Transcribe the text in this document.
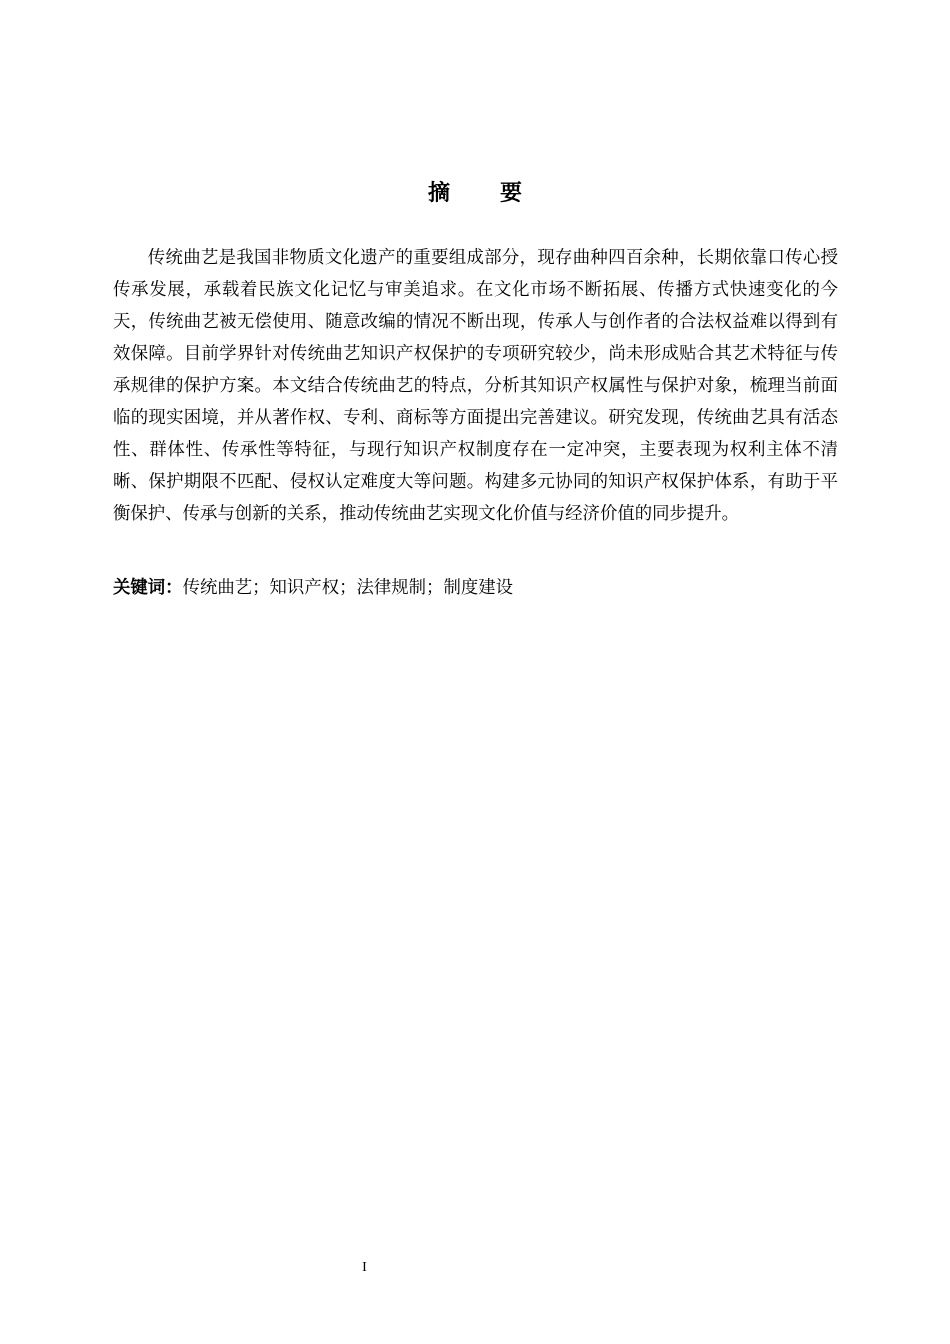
摘 要

传统曲艺是我国非物质文化遗产的重要组成部分，现存曲种四百余种，长期依靠口传心授传承发展，承载着民族文化记忆与审美追求。在文化市场不断拓展、传播方式快速变化的今天，传统曲艺被无偿使用、随意改编的情况不断出现，传承人与创作者的合法权益难以得到有效保障。目前学界针对传统曲艺知识产权保护的专项研究较少，尚未形成贴合其艺术特征与传承规律的保护方案。本文结合传统曲艺的特点，分析其知识产权属性与保护对象，梳理当前面临的现实困境，并从著作权、专利、商标等方面提出完善建议。研究发现，传统曲艺具有活态性、群体性、传承性等特征，与现行知识产权制度存在一定冲突，主要表现为权利主体不清晰、保护期限不匹配、侵权认定难度大等问题。构建多元协同的知识产权保护体系，有助于平衡保护、传承与创新的关系，推动传统曲艺实现文化价值与经济价值的同步提升。

关键词：传统曲艺；知识产权；法律规制；制度建设

I
